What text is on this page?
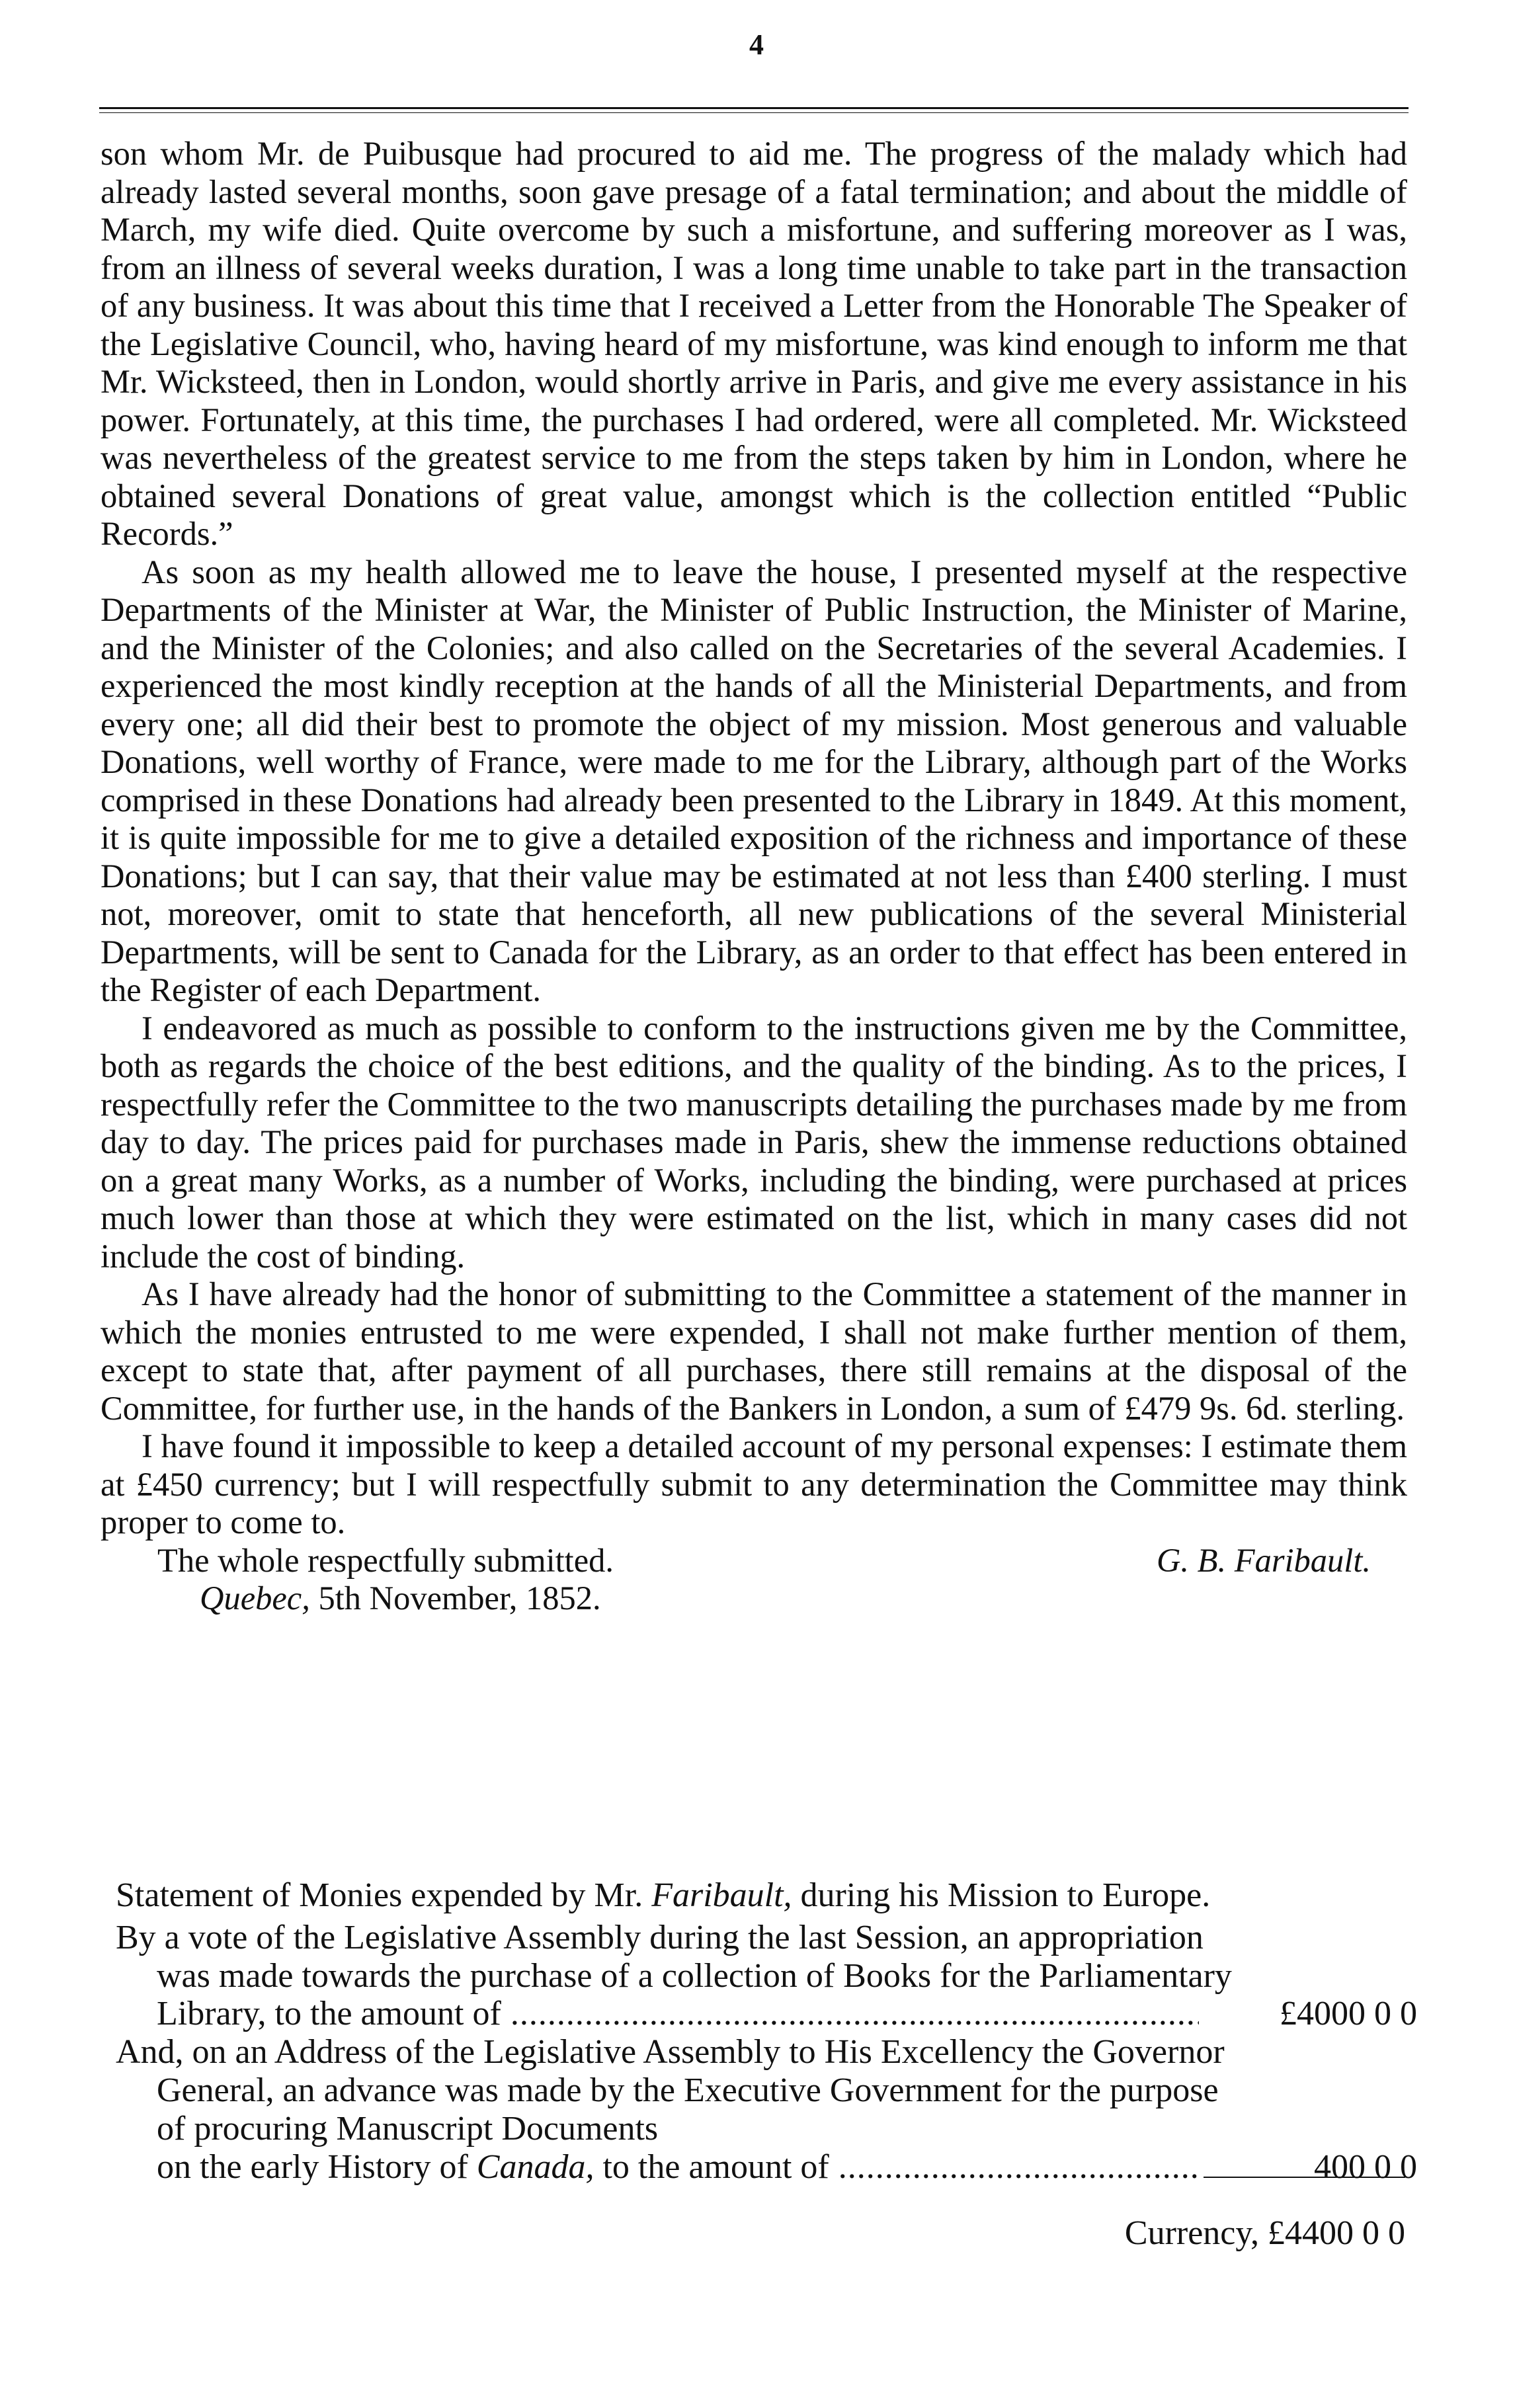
4

son whom Mr. de Puibusque had procured to aid me. The progress of the malady which had already lasted several months, soon gave presage of a fatal termination; and about the middle of March, my wife died. Quite overcome by such a misfortune, and suffering moreover as I was, from an illness of several weeks duration, I was a long time unable to take part in the transaction of any business. It was about this time that I received a Letter from the Honorable The Speaker of the Legislative Council, who, having heard of my misfortune, was kind enough to inform me that Mr. Wicksteed, then in London, would shortly arrive in Paris, and give me every assistance in his power. Fortunately, at this time, the purchases I had ordered, were all completed. Mr. Wicksteed was nevertheless of the greatest service to me from the steps taken by him in London, where he obtained several Donations of great value, amongst which is the collection entitled “Public Records.”

As soon as my health allowed me to leave the house, I presented myself at the respective Departments of the Minister at War, the Minister of Public Instruction, the Minister of Marine, and the Minister of the Colonies; and also called on the Secretaries of the several Academies. I experienced the most kindly reception at the hands of all the Ministerial Departments, and from every one; all did their best to promote the object of my mission. Most generous and valuable Donations, well worthy of France, were made to me for the Library, although part of the Works comprised in these Donations had already been presented to the Library in 1849. At this moment, it is quite impossible for me to give a detailed exposition of the richness and importance of these Donations; but I can say, that their value may be estimated at not less than £400 sterling. I must not, moreover, omit to state that henceforth, all new publications of the several Ministerial Departments, will be sent to Canada for the Library, as an order to that effect has been entered in the Register of each Department.

I endeavored as much as possible to conform to the instructions given me by the Committee, both as regards the choice of the best editions, and the quality of the binding. As to the prices, I respectfully refer the Committee to the two manuscripts detailing the purchases made by me from day to day. The prices paid for purchases made in Paris, shew the immense reductions obtained on a great many Works, as a number of Works, including the binding, were purchased at prices much lower than those at which they were estimated on the list, which in many cases did not include the cost of binding.

As I have already had the honor of submitting to the Committee a statement of the manner in which the monies entrusted to me were expended, I shall not make further mention of them, except to state that, after payment of all purchases, there still remains at the disposal of the Committee, for further use, in the hands of the Bankers in London, a sum of £479 9s. 6d. sterling.

I have found it impossible to keep a detailed account of my personal expenses: I estimate them at £450 currency; but I will respectfully submit to any determination the Committee may think proper to come to.

The whole respectfully submitted.	G. B. Faribault.
Quebec, 5th November, 1852.

Statement of Monies expended by Mr. Faribault, during his Mission to Europe.

By a vote of the Legislative Assembly during the last Session, an appropriation was made towards the purchase of a collection of Books for the Parliamentary
Library, to the amount of .....	£4000 0 0
And, on an Address of the Legislative Assembly to His Excellency the Governor General, an advance was made by the Executive Government for the purpose of procuring Manuscript Documents
on the early History of Canada, to the amount of .....	400 0 0
Currency, £4400 0 0
